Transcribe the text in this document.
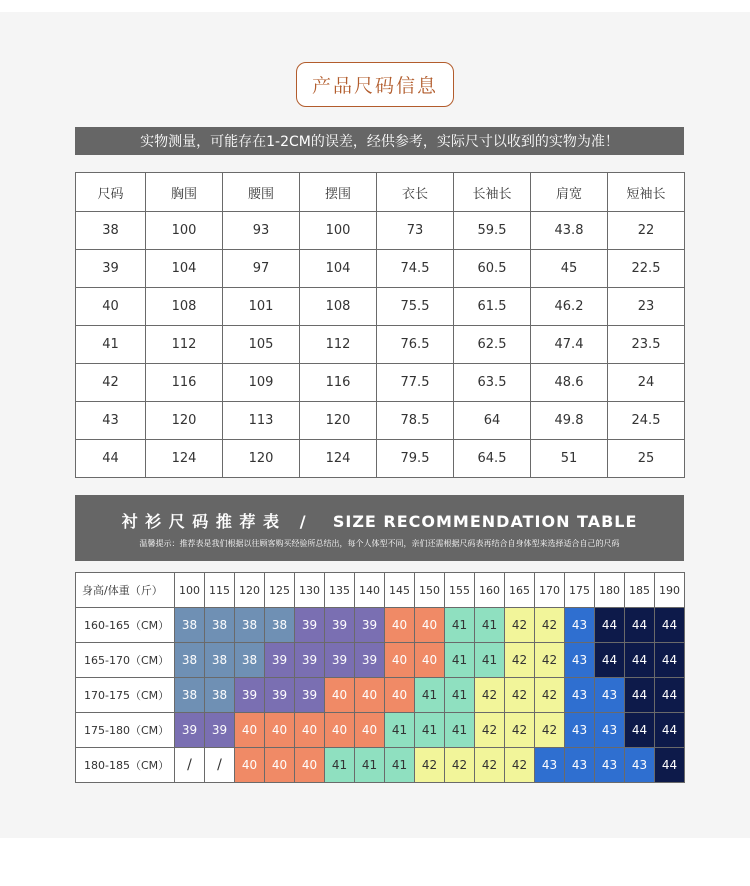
产品尺码信息
实物测量，可能存在1-2CM的误差，经供参考，实际尺寸以收到的实物为准！
尺码	胸围	腰围	摆围	衣长	长袖长	肩宽	短袖长
38	100	93	100	73	59.5	43.8	22
39	104	97	104	74.5	60.5	45	22.5
40	108	101	108	75.5	61.5	46.2	23
41	112	105	112	76.5	62.5	47.4	23.5
42	116	109	116	77.5	63.5	48.6	24
43	120	113	120	78.5	64	49.8	24.5
44	124	120	124	79.5	64.5	51	25
衬 衫 尺 码 推 荐 表   /    SIZE RECOMMENDATION TABLE
温馨提示：推荐表是我们根据以往顾客购买经验所总结出，每个人体型不同，亲们还需根据尺码表再结合自身体型来选择适合自己的尺码
身高/体重（斤）	100	115	120	125	130	135	140	145	150	155	160	165	170	175	180	185	190
160-165（CM）	38	38	38	38	39	39	39	40	40	41	41	42	42	43	44	44	44
165-170（CM）	38	38	38	39	39	39	39	40	40	41	41	42	42	43	44	44	44
170-175（CM）	38	38	39	39	39	40	40	40	41	41	42	42	42	43	43	44	44
175-180（CM）	39	39	40	40	40	40	40	41	41	41	42	42	42	43	43	44	44
180-185（CM）	/	/	40	40	40	41	41	41	42	42	42	42	43	43	43	43	44
